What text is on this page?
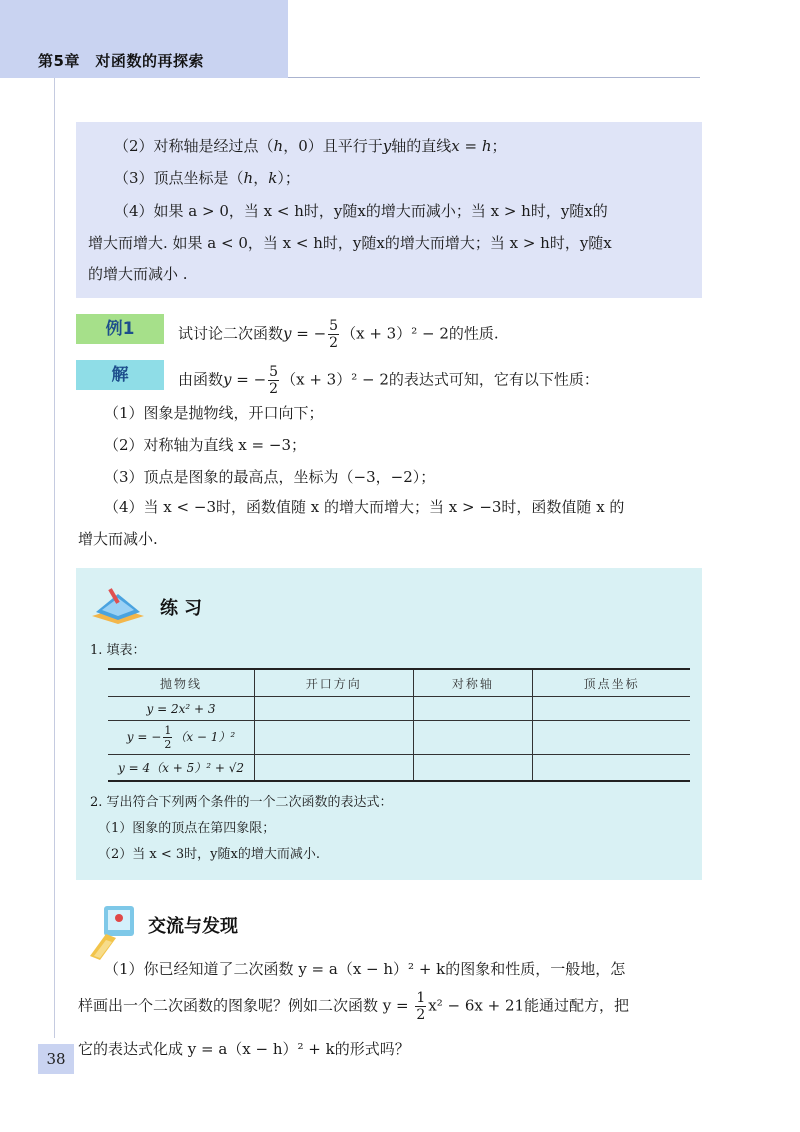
第5章　对函数的再探索

（2）对称轴是经过点（h，0）且平行于y轴的直线x = h；

（3）顶点坐标是（h，k）；

（4）如果 a > 0，当 x < h时，y随x的增大而减小；当 x > h时，y随x的

增大而增大. 如果 a < 0，当 x < h时，y随x的增大而增大；当 x > h时，y随x

的增大而减小 .

例1	试讨论二次函数y = − $\frac{5}{2} (x + 3)^2 - 2$的性质.

解	由函数y = − $\frac{5}{2} (x + 3)^2 - 2$的表达式可知，它有以下性质：

（1）图象是抛物线，开口向下；

（2）对称轴为直线 x = −3；

（3）顶点是图象的最高点，坐标为（−3，−2）；

（4）当 x < −3时，函数值随 x 的增大而增大；当 x > −3时，函数值随 x 的

增大而减小.

练习

1. 填表：

抛物线	开口方向	对称轴	顶点坐标
y = 2x² + 3			
y = − $\frac{1}{2} (x - 1)^2$			
y = 4（x + 5）² + √2			

2. 写出符合下列两个条件的一个二次函数的表达式：

（1）图象的顶点在第四象限；

（2）当 x < 3时，y随x的增大而减小.

交流与发现

（1）你已经知道了二次函数 y = a（x − h）² + k的图象和性质，一般地，怎

样画出一个二次函数的图象呢？例如二次函数 $y = \frac{1}{2} x^2 - 6x + 21$能通过配方，把

它的表达式化成 y = a（x − h）² + k的形式吗？

38
